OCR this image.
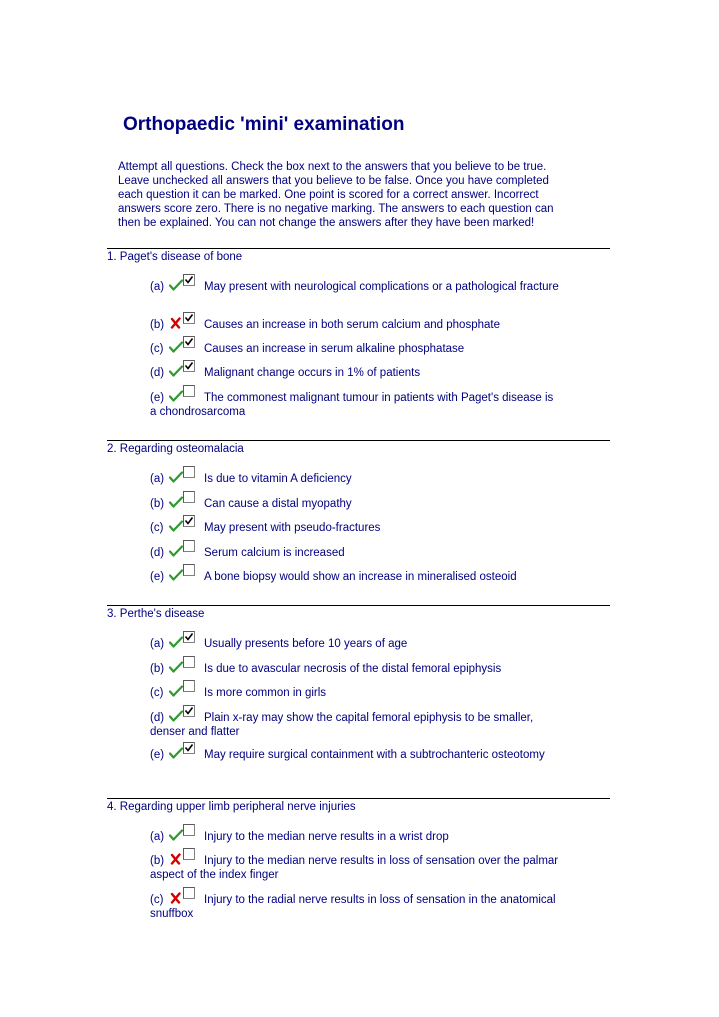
Orthopaedic 'mini' examination
Attempt all questions. Check the box next to the answers that you believe to be true. Leave unchecked all answers that you believe to be false. Once you have completed each question it can be marked. One point is scored for a correct answer. Incorrect answers score zero. There is no negative marking. The answers to each question can then be explained. You can not change the answers after they have been marked!
1. Paget's disease of bone
(a)	May present with neurological complications or a pathological fracture
(b)	Causes an increase in both serum calcium and phosphate
(c)	Causes an increase in serum alkaline phosphatase
(d)	Malignant change occurs in 1% of patients
(e)	The commonest malignant tumour in patients with Paget's disease is a chondrosarcoma
2. Regarding osteomalacia
(a)	Is due to vitamin A deficiency
(b)	Can cause a distal myopathy
(c)	May present with pseudo-fractures
(d)	Serum calcium is increased
(e)	A bone biopsy would show an increase in mineralised osteoid
3. Perthe's disease
(a)	Usually presents before 10 years of age
(b)	Is due to avascular necrosis of the distal femoral epiphysis
(c)	Is more common in girls
(d)	Plain x-ray may show the capital femoral epiphysis to be smaller, denser and flatter
(e)	May require surgical containment with a subtrochanteric osteotomy
4. Regarding upper limb peripheral nerve injuries
(a)	Injury to the median nerve results in a wrist drop
(b)	Injury to the median nerve results in loss of sensation over the palmar aspect of the index finger
(c)	Injury to the radial nerve results in loss of sensation in the anatomical snuffbox
